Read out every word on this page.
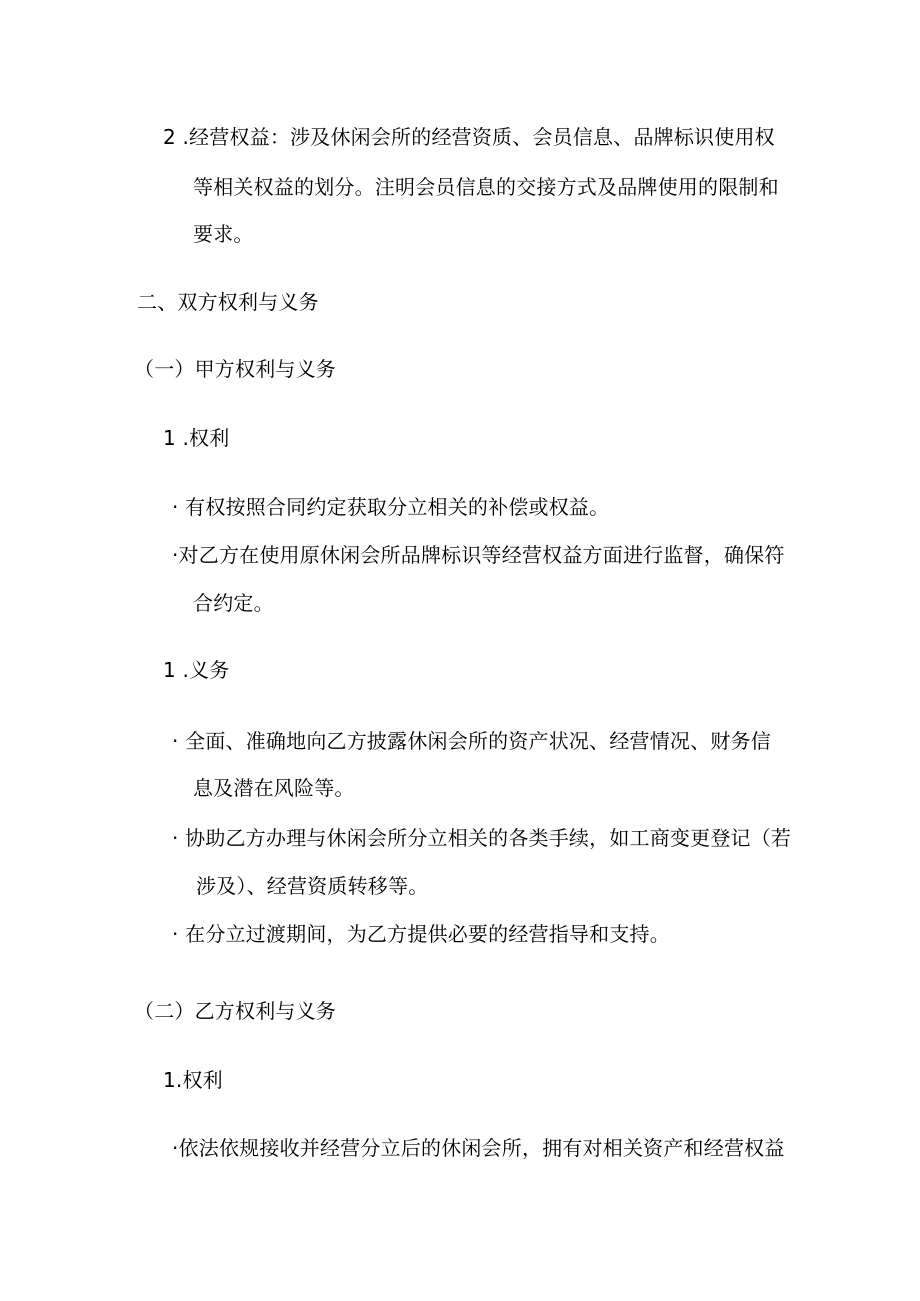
2 .经营权益：涉及休闲会所的经营资质、会员信息、品牌标识使用权
等相关权益的划分。注明会员信息的交接方式及品牌使用的限制和
要求。
二、双方权利与义务
（一）甲方权利与义务
1 .权利
· 有权按照合同约定获取分立相关的补偿或权益。
·对乙方在使用原休闲会所品牌标识等经营权益方面进行监督，确保符
合约定。
1 .义务
· 全面、准确地向乙方披露休闲会所的资产状况、经营情况、财务信
息及潜在风险等。
· 协助乙方办理与休闲会所分立相关的各类手续，如工商变更登记（若
涉及）、经营资质转移等。
· 在分立过渡期间，为乙方提供必要的经营指导和支持。
（二）乙方权利与义务
1.权利
·依法依规接收并经营分立后的休闲会所，拥有对相关资产和经营权益
